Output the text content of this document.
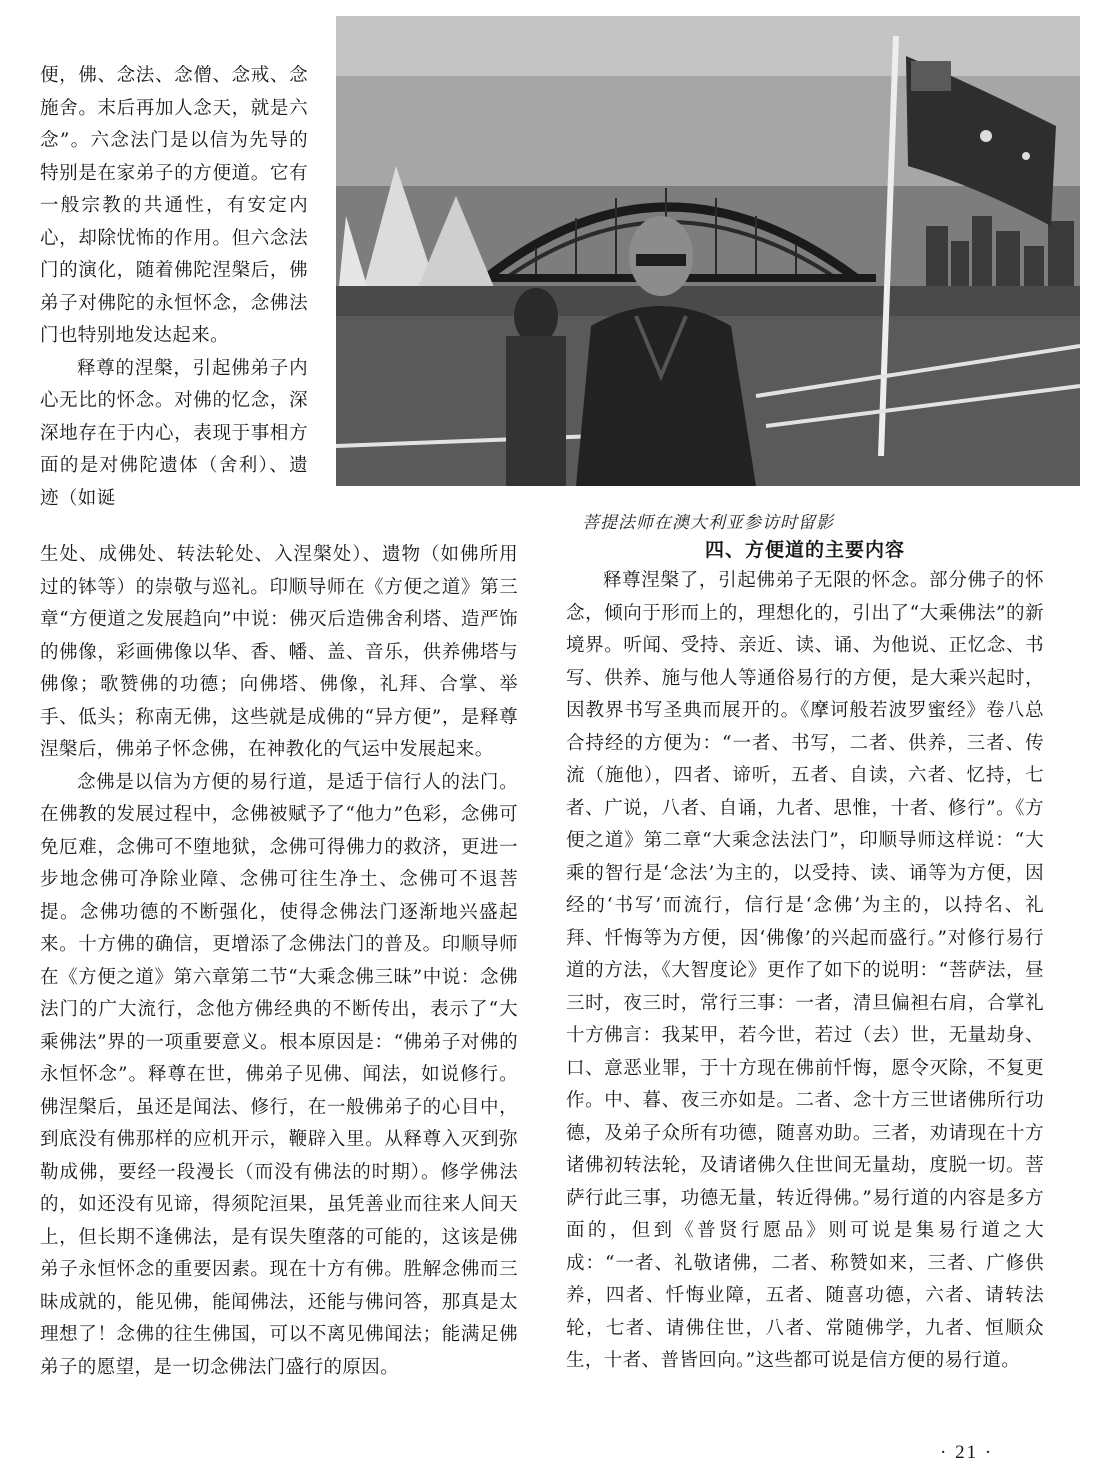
便，佛、念法、念僧、念戒、念施舍。末后再加人念天，就是六念”。六念法门是以信为先导的特别是在家弟子的方便道。它有一般宗教的共通性，有安定内心，却除忧怖的作用。但六念法门的演化，随着佛陀涅槃后，佛弟子对佛陀的永恒怀念，念佛法门也特别地发达起来。

释尊的涅槃，引起佛弟子内心无比的怀念。对佛的忆念，深深地存在于内心，表现于事相方面的是对佛陀遗体（舍利）、遗迹（如诞

菩提法师在澳大利亚参访时留影

生处、成佛处、转法轮处、入涅槃处）、遗物（如佛所用过的钵等）的崇敬与巡礼。印顺导师在《方便之道》第三章“方便道之发展趋向”中说：佛灭后造佛舍利塔、造严饰的佛像，彩画佛像以华、香、幡、盖、音乐，供养佛塔与佛像；歌赞佛的功德；向佛塔、佛像，礼拜、合掌、举手、低头；称南无佛，这些就是成佛的“异方便”，是释尊涅槃后，佛弟子怀念佛，在神教化的气运中发展起来。

念佛是以信为方便的易行道，是适于信行人的法门。在佛教的发展过程中，念佛被赋予了“他力”色彩，念佛可免厄难，念佛可不堕地狱，念佛可得佛力的救济，更进一步地念佛可净除业障、念佛可往生净土、念佛可不退菩提。念佛功德的不断强化，使得念佛法门逐渐地兴盛起来。十方佛的确信，更增添了念佛法门的普及。印顺导师在《方便之道》第六章第二节“大乘念佛三昧”中说：念佛法门的广大流行，念他方佛经典的不断传出，表示了“大乘佛法”界的一项重要意义。根本原因是：“佛弟子对佛的永恒怀念”。释尊在世，佛弟子见佛、闻法，如说修行。佛涅槃后，虽还是闻法、修行，在一般佛弟子的心目中，到底没有佛那样的应机开示，鞭辟入里。从释尊入灭到弥勒成佛，要经一段漫长（而没有佛法的时期）。修学佛法的，如还没有见谛，得须陀洹果，虽凭善业而往来人间天上，但长期不逢佛法，是有误失堕落的可能的，这该是佛弟子永恒怀念的重要因素。现在十方有佛。胜解念佛而三昧成就的，能见佛，能闻佛法，还能与佛问答，那真是太理想了！念佛的往生佛国，可以不离见佛闻法；能满足佛弟子的愿望，是一切念佛法门盛行的原因。

四、方便道的主要内容

释尊涅槃了，引起佛弟子无限的怀念。部分佛子的怀念，倾向于形而上的，理想化的，引出了“大乘佛法”的新境界。听闻、受持、亲近、读、诵、为他说、正忆念、书写、供养、施与他人等通俗易行的方便，是大乘兴起时，因教界书写圣典而展开的。《摩诃般若波罗蜜经》卷八总合持经的方便为：“一者、书写，二者、供养，三者、传流（施他），四者、谛听，五者、自读，六者、忆持，七者、广说，八者、自诵，九者、思惟，十者、修行”。《方便之道》第二章“大乘念法法门”，印顺导师这样说：“大乘的智行是‘念法’为主的，以受持、读、诵等为方便，因经的‘书写’而流行，信行是‘念佛’为主的，以持名、礼拜、忏悔等为方便，因‘佛像’的兴起而盛行。”对修行易行道的方法，《大智度论》更作了如下的说明：“菩萨法，昼三时，夜三时，常行三事：一者，清旦偏袒右肩，合掌礼十方佛言：我某甲，若今世，若过（去）世，无量劫身、口、意恶业罪，于十方现在佛前忏悔，愿令灭除，不复更作。中、暮、夜三亦如是。二者、念十方三世诸佛所行功德，及弟子众所有功德，随喜劝助。三者，劝请现在十方诸佛初转法轮，及请诸佛久住世间无量劫，度脱一切。菩萨行此三事，功德无量，转近得佛。”易行道的内容是多方面的，但到《普贤行愿品》则可说是集易行道之大成：“一者、礼敬诸佛，二者、称赞如来，三者、广修供养，四者、忏悔业障，五者、随喜功德，六者、请转法轮，七者、请佛住世，八者、常随佛学，九者、恒顺众生，十者、普皆回向。”这些都可说是信方便的易行道。

· 21 ·
